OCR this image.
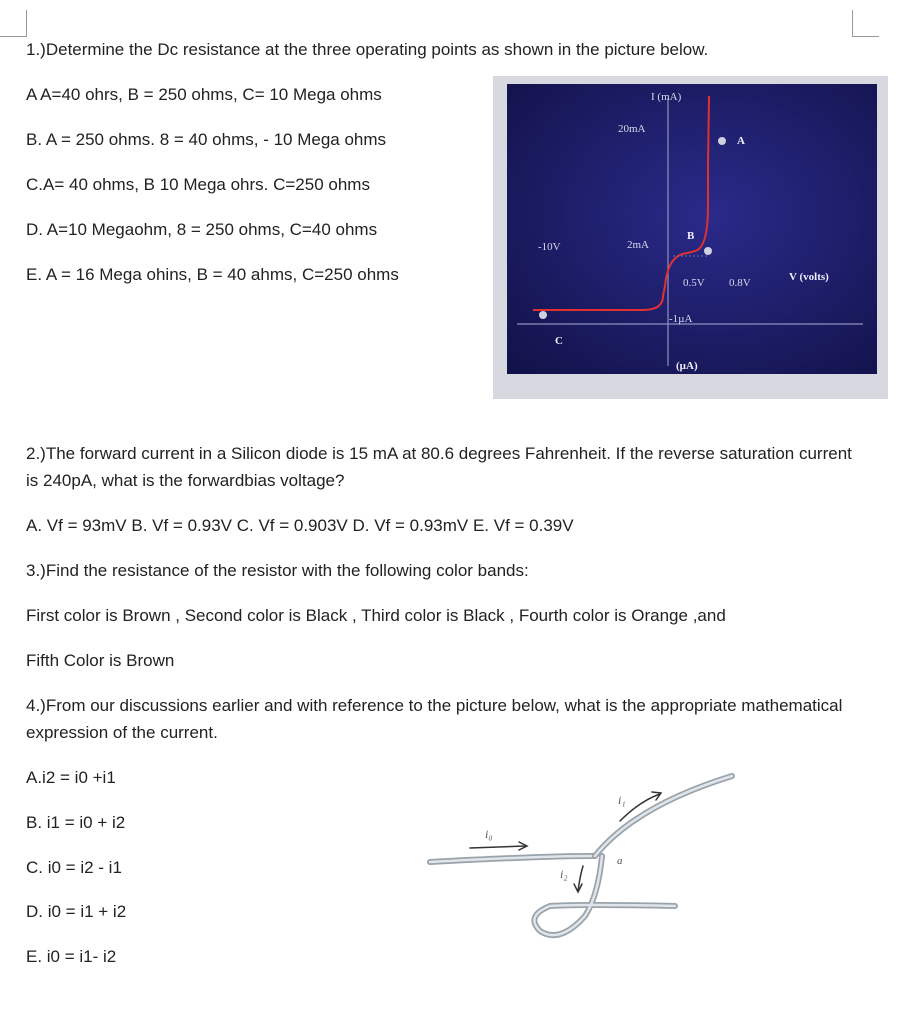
1.)Determine the Dc resistance at the three operating points as shown in the picture below.
A A=40 ohrs, B = 250 ohms, C= 10 Mega ohms
B. A = 250 ohms. 8 = 40 ohms, - 10 Mega ohms
C.A= 40 ohms, B 10 Mega ohrs. C=250 ohms
D. A=10 Megaohm, 8 = 250 ohms, C=40 ohms
E. A = 16 Mega ohins, B = 40 ahms, C=250 ohms
I (mA)
20mA
2mA
-10V
0.5V 0.8V	V (volts)
-1µA
(µA)
A
B
C
2.)The forward current in a Silicon diode is 15 mA at 80.6 degrees Fahrenheit. If the reverse saturation current is 240pA, what is the forwardbias voltage?
A. Vf = 93mV B. Vf = 0.93V C. Vf = 0.903V D. Vf = 0.93mV E. Vf = 0.39V
3.)Find the resistance of the resistor with the following color bands:
First color is Brown , Second color is Black , Third color is Black , Fourth color is Orange ,and
Fifth Color is Brown
4.)From our discussions earlier and with reference to the picture below, what is the appropriate mathematical expression of the current.
A.i2 = i0 +i1
B. i1 = i0 + i2
C. i0 = i2 - i1
D. i0 = i1 + i2
E. i0 = i1- i2
i₀
i₁
i₂
a
